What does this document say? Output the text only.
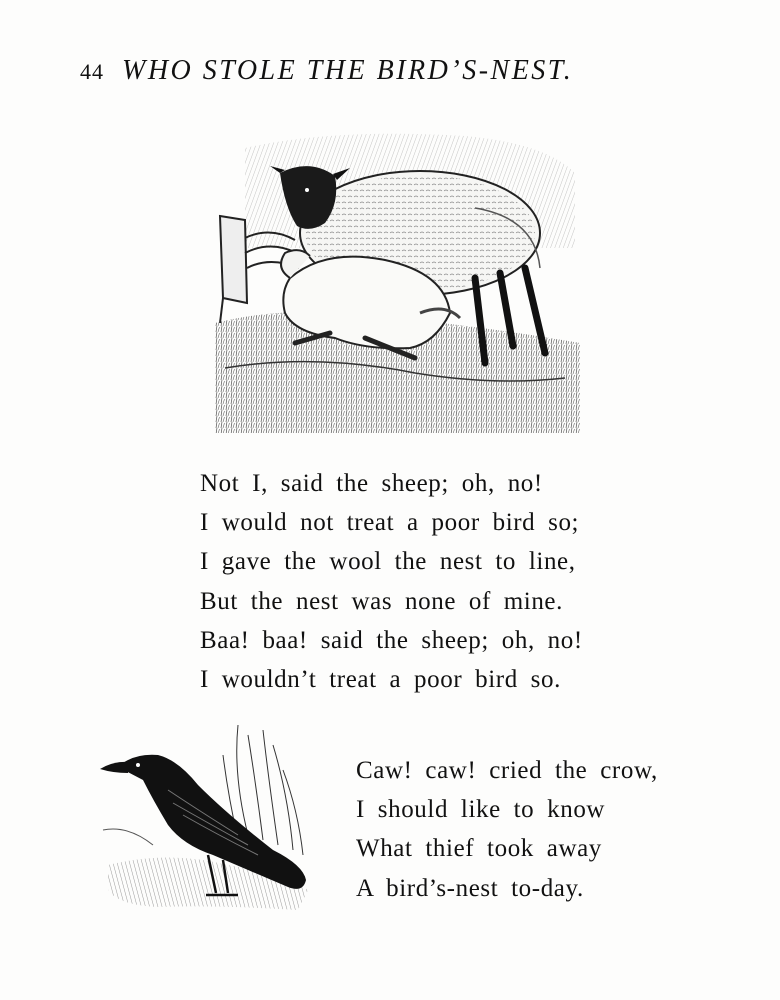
44 WHO STOLE THE BIRD’S-NEST.
Not I, said the sheep; oh, no!
I would not treat a poor bird so;
I gave the wool the nest to line,
But the nest was none of mine.
Baa! baa! said the sheep; oh, no!
I wouldn’t treat a poor bird so.
Caw! caw! cried the crow,
I should like to know
What thief took away
A bird’s-nest to-day.
